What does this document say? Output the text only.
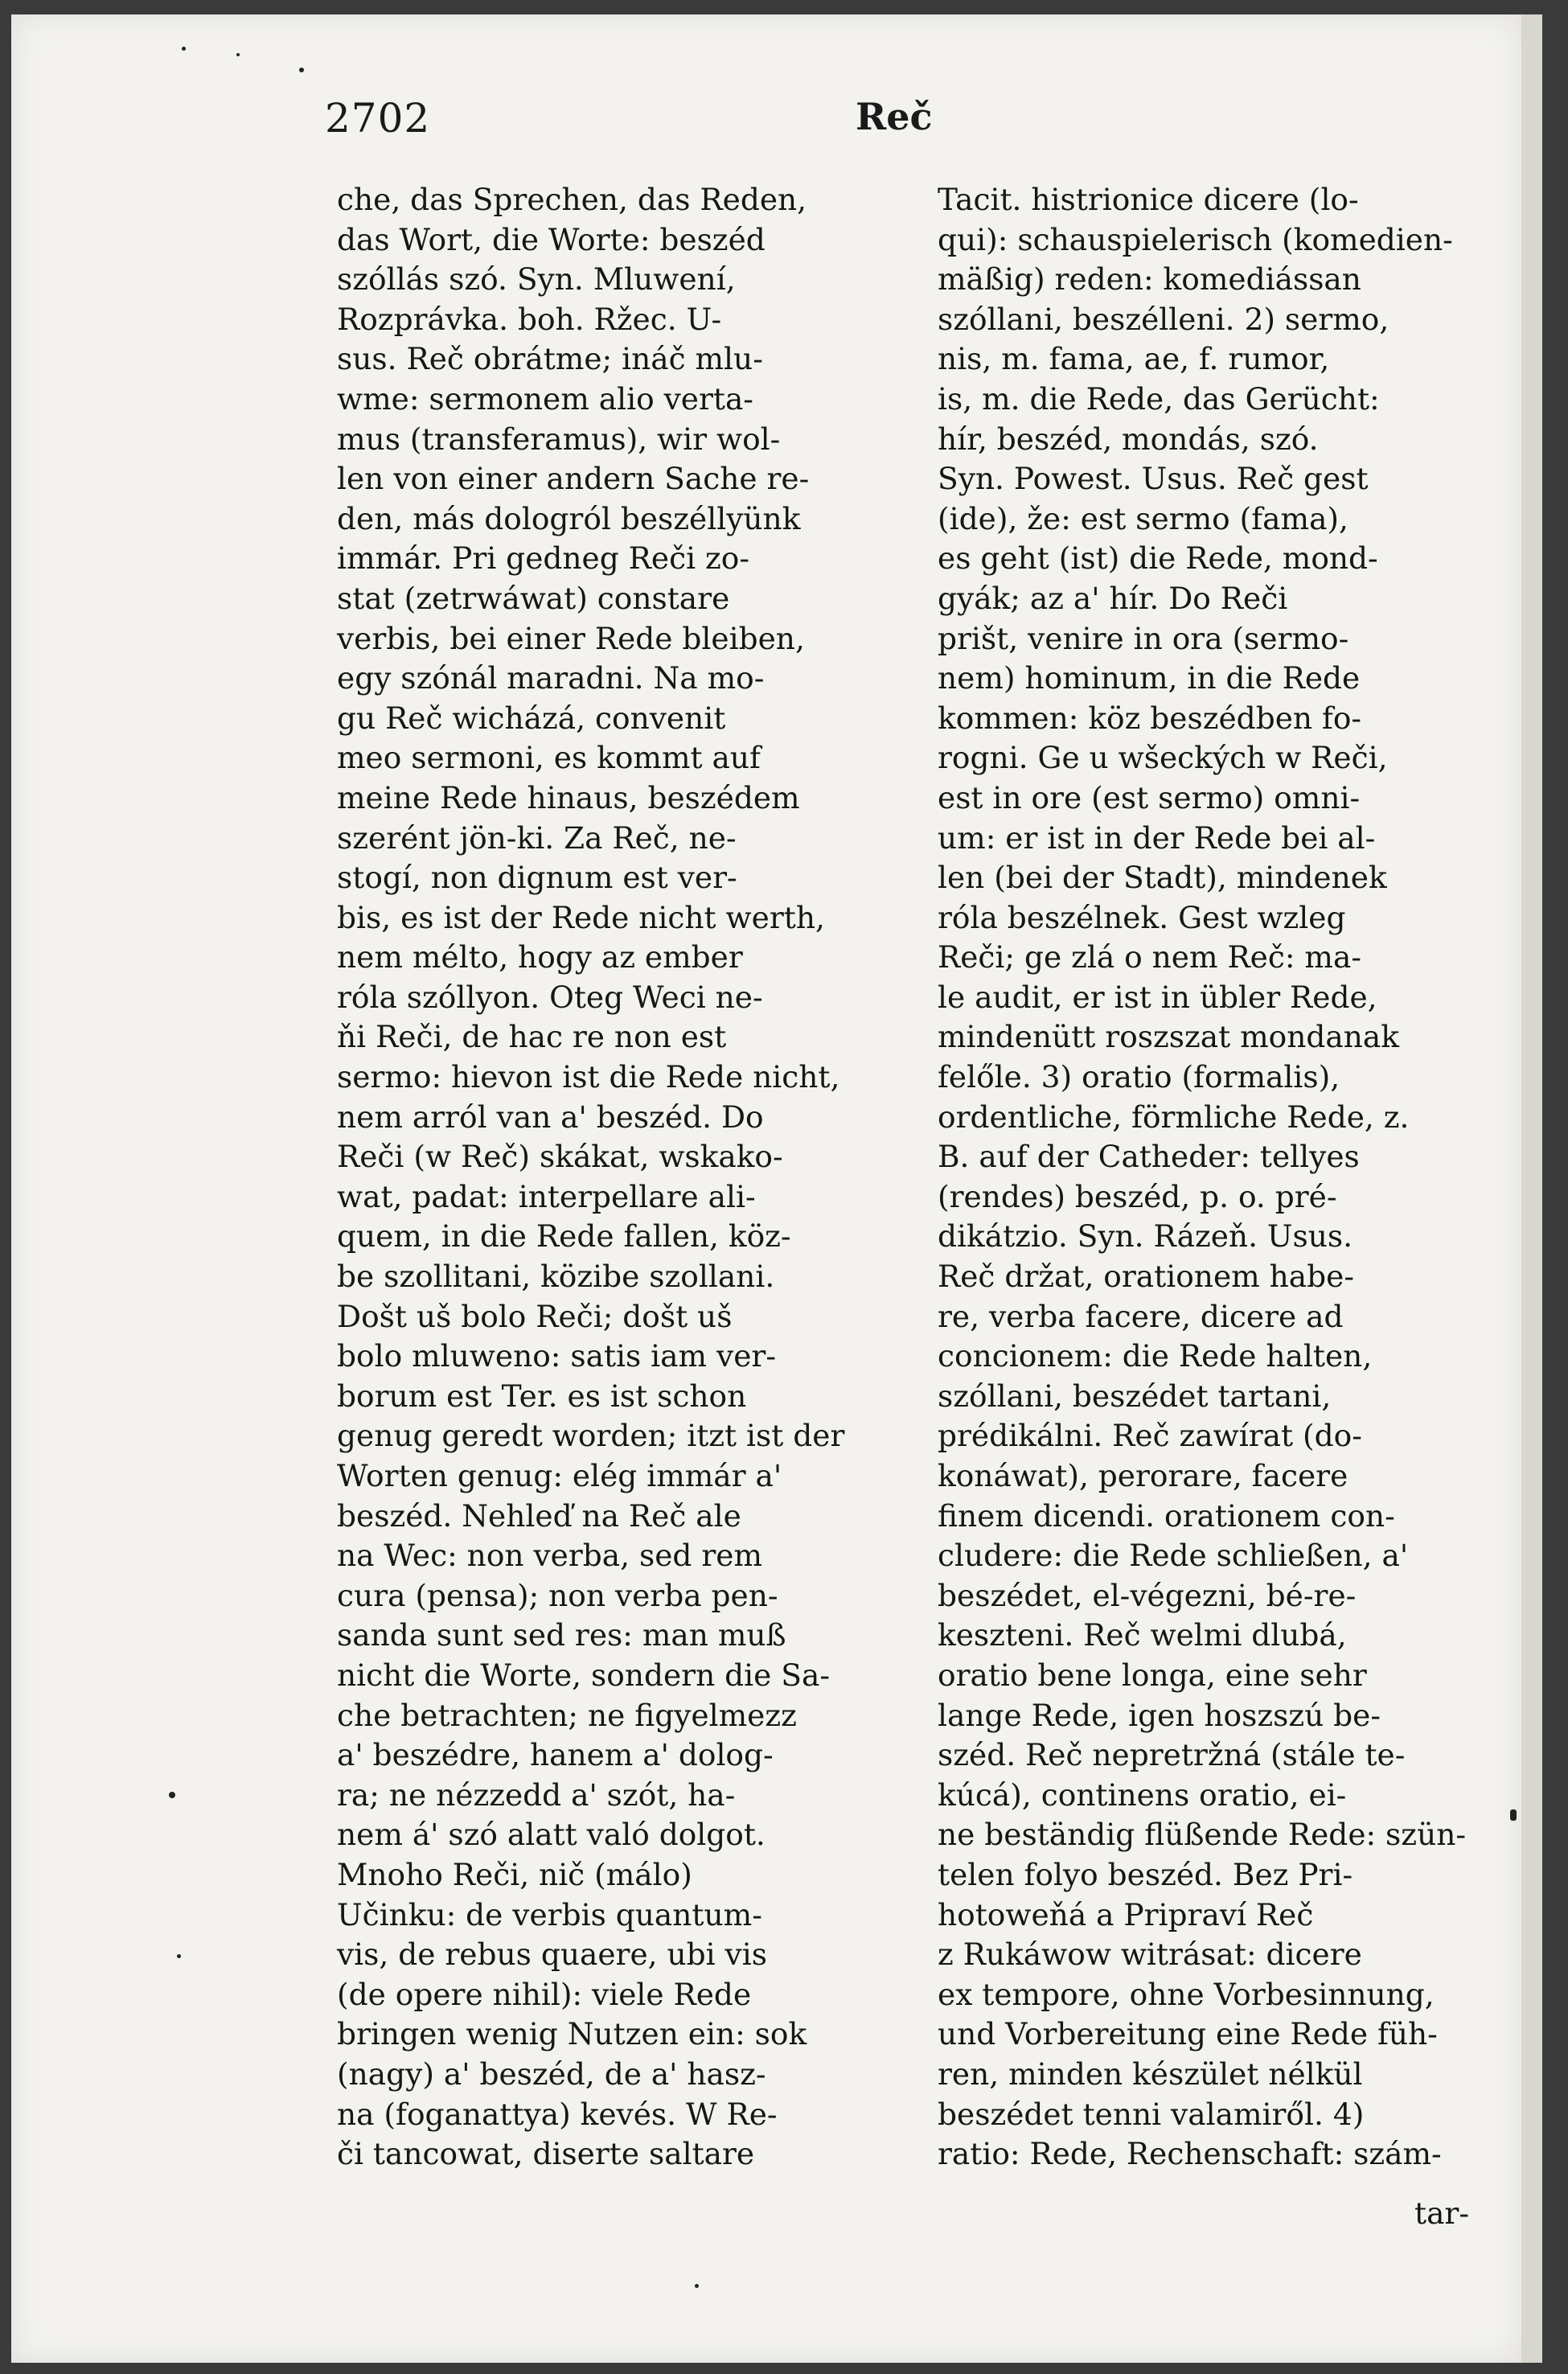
2702	Reč
che, das Sprechen, das Reden,
das Wort, die Worte: beszéd
szóllás szó. Syn. Mluwení,
Rozprávka. boh. Ržec. U-
sus. Reč obrátme; ináč mlu-
wme: sermonem alio verta-
mus (transferamus), wir wol-
len von einer andern Sache re-
den, más dologról beszéllyünk
immár. Pri gedneg Reči zo-
stat (zetrwáwat) constare
verbis, bei einer Rede bleiben,
egy szónál maradni. Na mo-
gu Reč wicházá, convenit
meo sermoni, es kommt auf
meine Rede hinaus, beszédem
szerént jön-ki. Za Reč, ne-
stogí, non dignum est ver-
bis, es ist der Rede nicht werth,
nem mélto, hogy az ember
róla szóllyon. Oteg Weci ne-
ňi Reči, de hac re non est
sermo: hievon ist die Rede nicht,
nem arról van a' beszéd. Do
Reči (w Reč) skákat, wskako-
wat, padat: interpellare ali-
quem, in die Rede fallen, köz-
be szollitani, közibe szollani.
Došt uš bolo Reči; došt uš
bolo mluweno: satis iam ver-
borum est Ter. es ist schon
genug geredt worden; itzt ist der
Worten genug: elég immár a'
beszéd. Nehleď na Reč ale
na Wec: non verba, sed rem
cura (pensa); non verba pen-
sanda sunt sed res: man muß
nicht die Worte, sondern die Sa-
che betrachten; ne figyelmezz
a' beszédre, hanem a' dolog-
ra; ne nézzedd a' szót, ha-
nem á' szó alatt való dolgot.
Mnoho Reči, nič (málo)
Učinku: de verbis quantum-
vis, de rebus quaere, ubi vis
(de opere nihil): viele Rede
bringen wenig Nutzen ein: sok
(nagy) a' beszéd, de a' hasz-
na (foganattya) kevés. W Re-
či tancowat, diserte saltare
Tacit. histrionice dicere (lo-
qui): schauspielerisch (komedien-
mäßig) reden: komediássan
szóllani, beszélleni. 2) sermo,
nis, m. fama, ae, f. rumor,
is, m. die Rede, das Gerücht:
hír, beszéd, mondás, szó.
Syn. Powest. Usus. Reč gest
(ide), že: est sermo (fama),
es geht (ist) die Rede, mond-
gyák; az a' hír. Do Reči
prišt, venire in ora (sermo-
nem) hominum, in die Rede
kommen: köz beszédben fo-
rogni. Ge u wšeckých w Reči,
est in ore (est sermo) omni-
um: er ist in der Rede bei al-
len (bei der Stadt), mindenek
róla beszélnek. Gest wzleg
Reči; ge zlá o nem Reč: ma-
le audit, er ist in übler Rede,
mindenütt roszszat mondanak
felőle. 3) oratio (formalis),
ordentliche, förmliche Rede, z.
B. auf der Catheder: tellyes
(rendes) beszéd, p. o. pré-
dikátzio. Syn. Rázeň. Usus.
Reč držat, orationem habe-
re, verba facere, dicere ad
concionem: die Rede halten,
szóllani, beszédet tartani,
prédikálni. Reč zawírat (do-
konáwat), perorare, facere
finem dicendi. orationem con-
cludere: die Rede schließen, a'
beszédet, el-végezni, bé-re-
keszteni. Reč welmi dlubá,
oratio bene longa, eine sehr
lange Rede, igen hoszszú be-
széd. Reč nepretržná (stále te-
kúcá), continens oratio, ei-
ne beständig flüßende Rede: szün-
telen folyo beszéd. Bez Pri-
hotoweňá a Pripraví Reč
z Rukáwow witrásat: dicere
ex tempore, ohne Vorbesinnung,
und Vorbereitung eine Rede füh-
ren, minden készület nélkül
beszédet tenni valamiről. 4)
ratio: Rede, Rechenschaft: szám-
tar-
